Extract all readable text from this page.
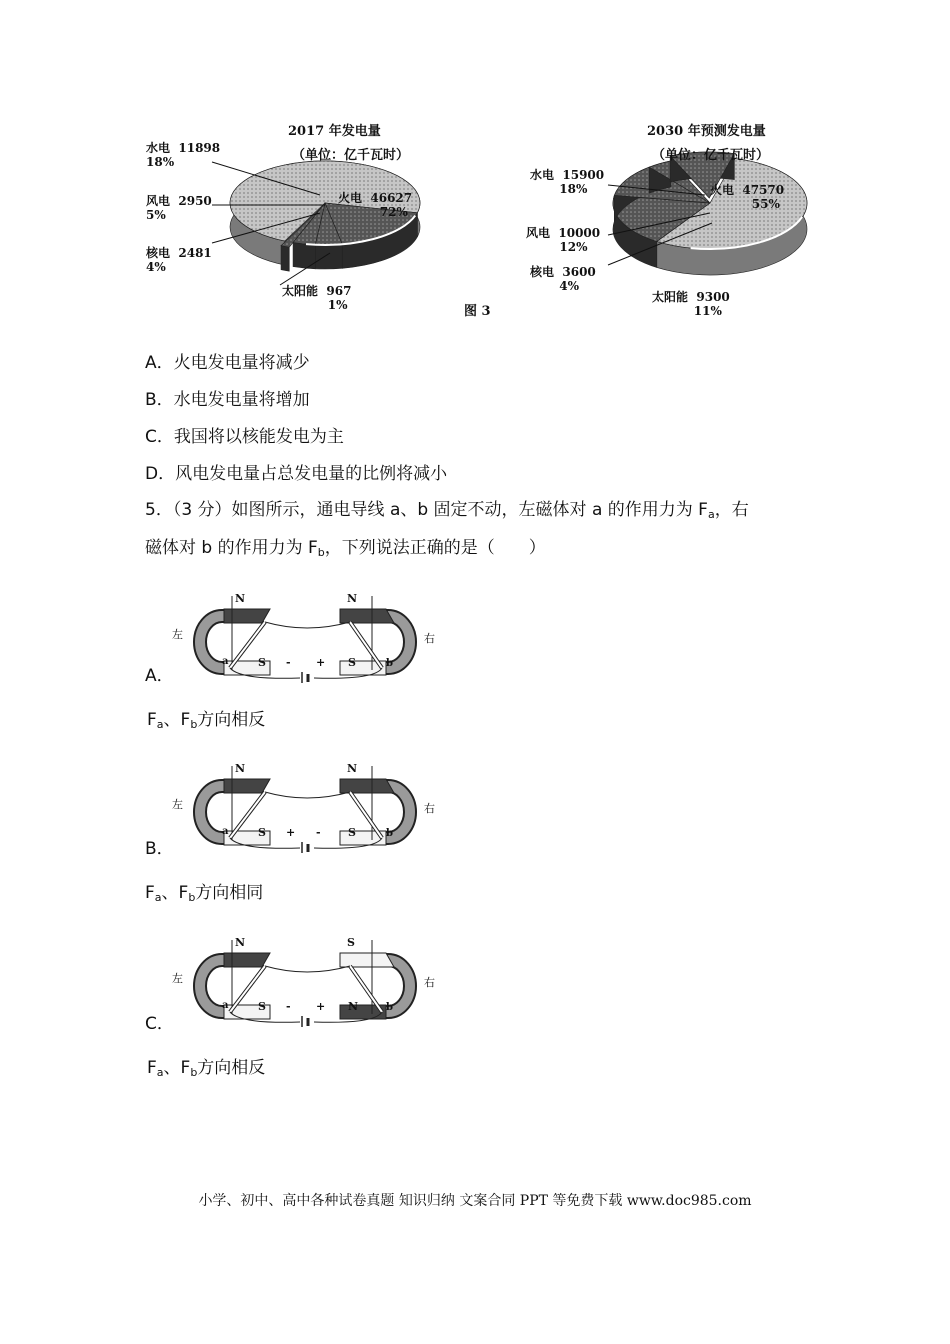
2017 年发电量
（单位：亿千瓦时）
水电 11898
18%
风电 2950
5%
核电 2481
4%
太阳能 967
1%
火电 46627
72%
2030 年预测发电量
（单位：亿千瓦时）
水电 15900
18%
风电 10000
12%
核电 3600
4%
太阳能 9300
11%
火电 47570
55%
图 3
A．火电发电量将减少
B．水电发电量将增加
C．我国将以核能发电为主
D．风电发电量占总发电量的比例将减小
5．（3 分）如图所示，通电导线 a、b 固定不动，左磁体对 a 的作用力为 $F_a$，右
磁体对 b 的作用力为 $F_b$，下列说法正确的是（　　）
左	右
a	b
N	N
S	S
- +
A．
$F_a$、$F_b$方向相反
左	右
a	b
N	N
S	S
+ -
B．
$F_a$、$F_b$方向相同
左	右
a	b
N	S
S	N
- +
C．
$F_a$、$F_b$方向相反
小学、初中、高中各种试卷真题 知识归纳 文案合同 PPT 等免费下载 www.doc985.com
